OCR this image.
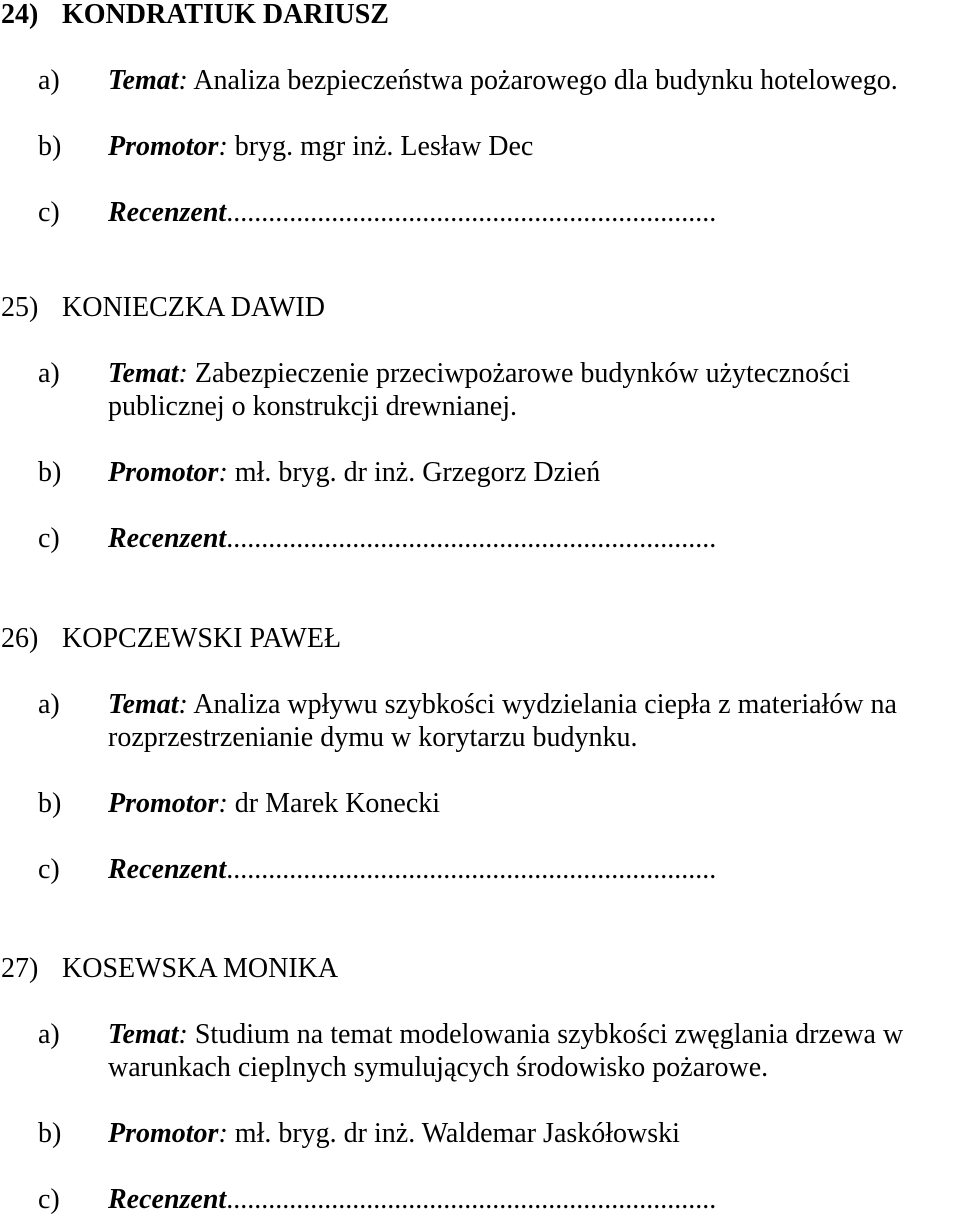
24) KONDRATIUK DARIUSZ
a) Temat: Analiza bezpieczeństwa pożarowego dla budynku hotelowego.
b) Promotor: bryg. mgr inż. Lesław Dec
c) Recenzent......................................................................
25) KONIECZKA DAWID
a) Temat: Zabezpieczenie przeciwpożarowe budynków użyteczności
publicznej o konstrukcji drewnianej.
b) Promotor: mł. bryg. dr inż. Grzegorz Dzień
c) Recenzent......................................................................
26) KOPCZEWSKI PAWEŁ
a) Temat: Analiza wpływu szybkości wydzielania ciepła z materiałów na
rozprzestrzenianie dymu w korytarzu budynku.
b) Promotor: dr Marek Konecki
c) Recenzent......................................................................
27) KOSEWSKA MONIKA
a) Temat: Studium na temat modelowania szybkości zwęglania drzewa w
warunkach cieplnych symulujących środowisko pożarowe.
b) Promotor: mł. bryg. dr inż. Waldemar Jaskółowski
c) Recenzent......................................................................
